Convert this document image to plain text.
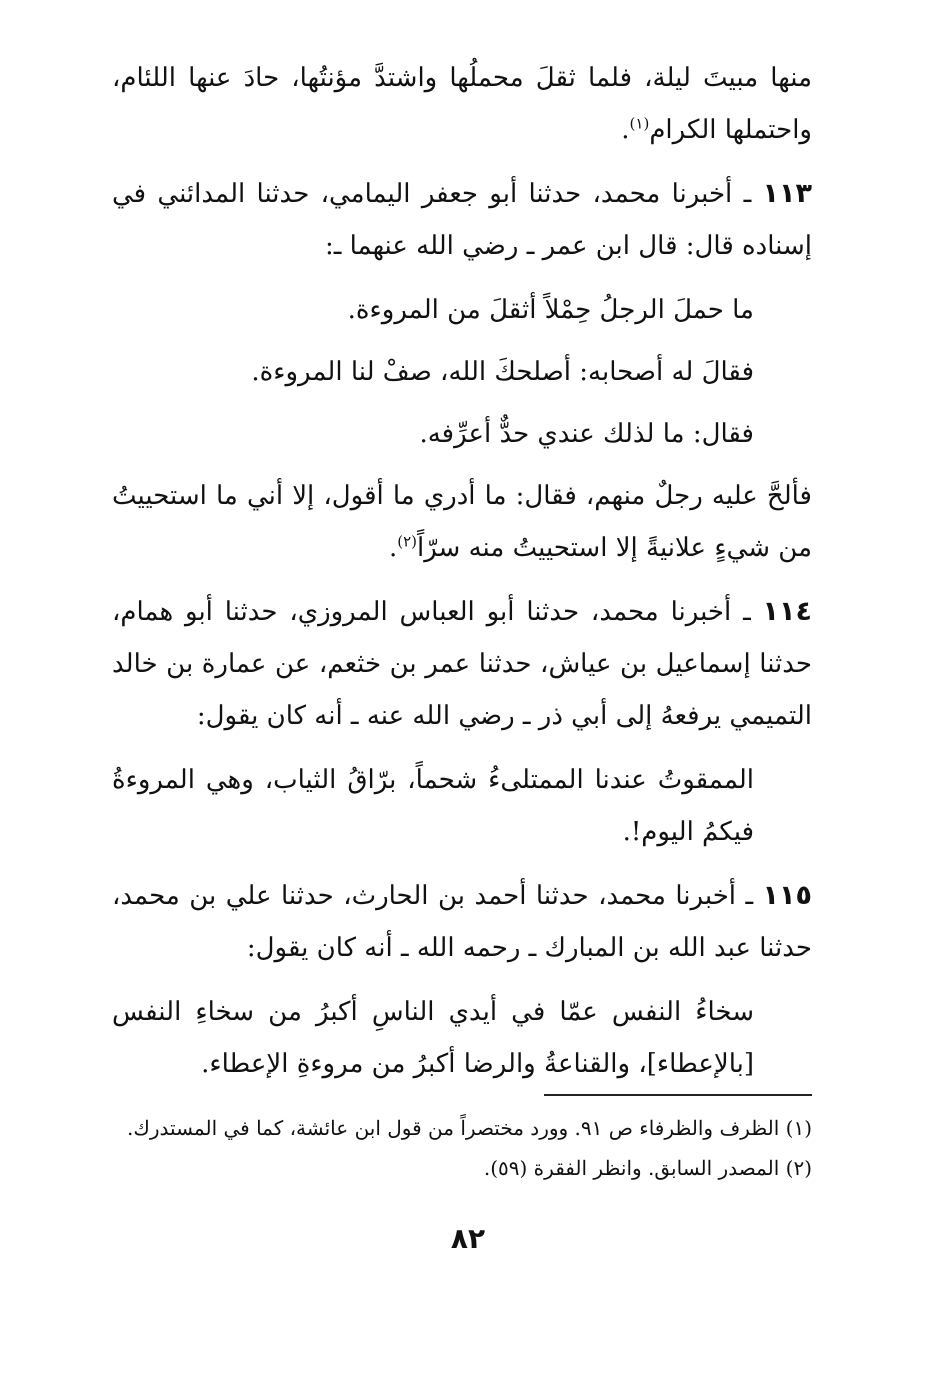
منها مبيتَ ليلة، فلما ثقلَ محملُها واشتدَّ مؤنتُها، حادَ عنها اللئام، واحتملها الكرام$^{(١)}$.

١١٣ ـ أخبرنا محمد، حدثنا أبو جعفر اليمامي، حدثنا المدائني في إسناده قال: قال ابن عمر ـ رضي الله عنهما ـ:

ما حملَ الرجلُ حِمْلاً أثقلَ من المروءة.

فقالَ له أصحابه: أصلحكَ الله، صفْ لنا المروءة.

فقال: ما لذلك عندي حدٌّ أعرِّفه.

فألحَّ عليه رجلٌ منهم، فقال: ما أدري ما أقول، إلا أني ما استحييتُ من شيءٍ علانيةً إلا استحييتُ منه سرّاً$^{(٢)}$.

١١٤ ـ أخبرنا محمد، حدثنا أبو العباس المروزي، حدثنا أبو همام، حدثنا إسماعيل بن عياش، حدثنا عمر بن خثعم، عن عمارة بن خالد التميمي يرفعهُ إلى أبي ذر ـ رضي الله عنه ـ أنه كان يقول:

الممقوتُ عندنا الممتلىءُ شحماً، برّاقُ الثياب، وهي المروءةُ فيكمُ اليوم!.

١١٥ ـ أخبرنا محمد، حدثنا أحمد بن الحارث، حدثنا علي بن محمد، حدثنا عبد الله بن المبارك ـ رحمه الله ـ أنه كان يقول:

سخاءُ النفس عمّا في أيدي الناسِ أكبرُ من سخاءِ النفس [بالإعطاء]، والقناعةُ والرضا أكبرُ من مروءةِ الإعطاء.

(١) الظرف والظرفاء ص ٩١. وورد مختصراً من قول ابن عائشة، كما في المستدرك.

(٢) المصدر السابق. وانظر الفقرة (٥٩).

٨٢
